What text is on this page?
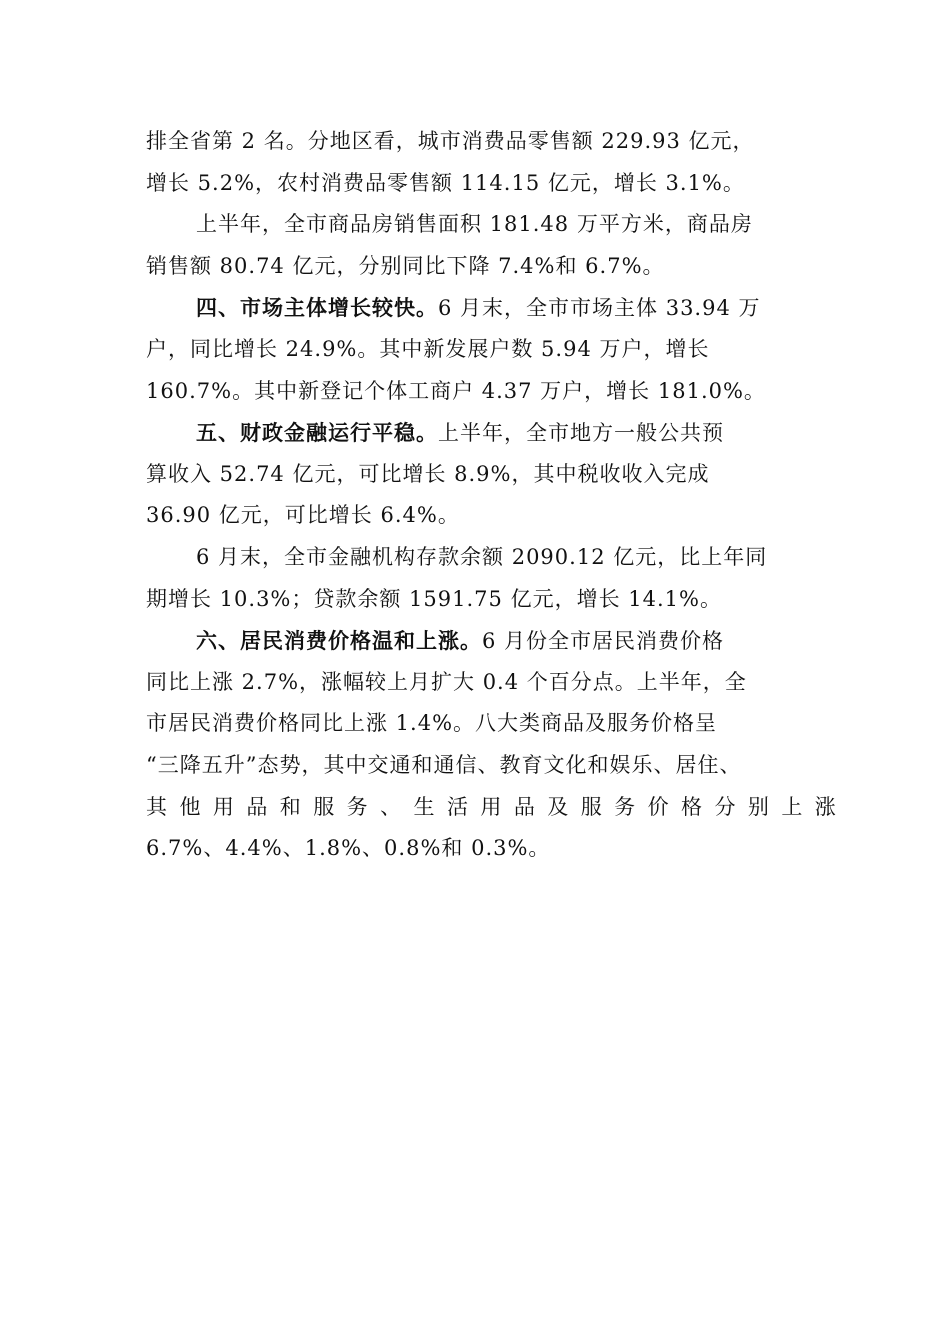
排全省第 2 名。分地区看，城市消费品零售额 229.93 亿元，
增长 5.2%，农村消费品零售额 114.15 亿元，增长 3.1%。
上半年，全市商品房销售面积 181.48 万平方米，商品房
销售额 80.74 亿元，分别同比下降 7.4%和 6.7%。
四、市场主体增长较快。6 月末，全市市场主体 33.94 万
户，同比增长 24.9%。其中新发展户数 5.94 万户，增长
160.7%。其中新登记个体工商户 4.37 万户，增长 181.0%。
五、财政金融运行平稳。上半年，全市地方一般公共预
算收入 52.74 亿元，可比增长 8.9%，其中税收收入完成
36.90 亿元，可比增长 6.4%。
6 月末，全市金融机构存款余额 2090.12 亿元，比上年同
期增长 10.3%；贷款余额 1591.75 亿元，增长 14.1%。
六、居民消费价格温和上涨。6 月份全市居民消费价格
同比上涨 2.7%，涨幅较上月扩大 0.4 个百分点。上半年，全
市居民消费价格同比上涨 1.4%。八大类商品及服务价格呈
“三降五升”态势，其中交通和通信、教育文化和娱乐、居住、
其 他 用 品 和 服 务 、 生 活 用 品 及 服 务 价 格 分 别 上 涨
6.7%、4.4%、1.8%、0.8%和 0.3%。
